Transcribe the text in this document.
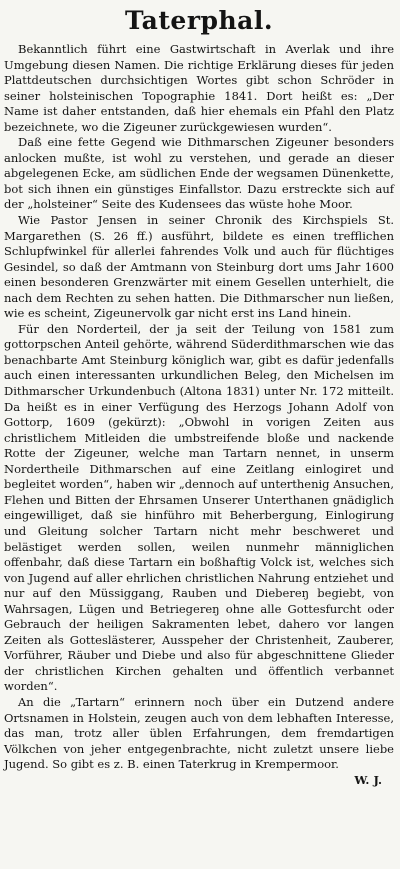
Taterphal.

Bekanntlich führt eine Gastwirtschaft in Averlak und ihre Umgebung diesen Namen. Die richtige Erklärung dieses für jeden Plattdeutschen durchsichtigen Wortes gibt schon Schröder in seiner holsteinischen Topographie 1841. Dort heißt es: „Der Name ist daher entstanden, daß hier ehemals ein Pfahl den Platz bezeichnete, wo die Zigeuner zurückgewiesen wurden“.

Daß eine fette Gegend wie Dithmarschen Zigeuner besonders anlocken mußte, ist wohl zu verstehen, und gerade an dieser abgelegenen Ecke, am südlichen Ende der wegsamen Dünenkette, bot sich ihnen ein günstiges Einfallstor. Dazu erstreckte sich auf der „holsteiner“ Seite des Kudensees das wüste hohe Moor.

Wie Pastor Jensen in seiner Chronik des Kirchspiels St. Margarethen (S. 26 ff.) ausführt, bildete es einen trefflichen Schlupfwinkel für allerlei fahrendes Volk und auch für flüchtiges Gesindel, so daß der Amtmann von Steinburg dort ums Jahr 1600 einen besonderen Grenzwärter mit einem Gesellen unterhielt, die nach dem Rechten zu sehen hatten. Die Dithmarscher nun ließen, wie es scheint, Zigeunervolk gar nicht erst ins Land hinein.

Für den Norderteil, der ja seit der Teilung von 1581 zum gottorpschen Anteil gehörte, während Süderdithmarschen wie das benachbarte Amt Steinburg königlich war, gibt es dafür jedenfalls auch einen interessanten urkundlichen Beleg, den Michelsen im Dithmarscher Urkundenbuch (Altona 1831) unter Nr. 172 mitteilt. Da heißt es in einer Verfügung des Herzogs Johann Adolf von Gottorp, 1609 (gekürzt): „Obwohl in vorigen Zeiten aus christlichem Mitleiden die umbstreifende bloße und nackende Rotte der Zigeuner, welche man Tartarn nennet, in unserm Nordertheile Dithmarschen auf eine Zeitlang einlogiret und begleitet worden“, haben wir „dennoch auf unterthenig Ansuchen, Flehen und Bitten der Ehrsamen Unserer Unterthanen gnädiglich eingewilliget, daß sie hinführo mit Beherbergung, Einlogirung und Gleitung solcher Tartarn nicht mehr beschweret und belästiget werden sollen, weilen nunmehr männiglichen offenbahr, daß diese Tartarn ein boßhaftig Volck ist, welches sich von Jugend auf aller ehrlichen christlichen Nahrung entziehet und nur auf den Müssiggang, Rauben und Diebereŋ begiebt, von Wahrsagen, Lügen und Betriegereŋ ohne alle Gottesfurcht oder Gebrauch der heiligen Sakramenten lebet, dahero vor langen Zeiten als Gotteslästerer, Ausspeher der Christenheit, Zauberer, Vorführer, Räuber und Diebe und also für abgeschnittene Glieder der christlichen Kirchen gehalten und öffentlich verbannet worden“.

An die „Tartarn“ erinnern noch über ein Dutzend andere Ortsnamen in Holstein, zeugen auch von dem lebhaften Interesse, das man, trotz aller üblen Erfahrungen, dem fremdartigen Völkchen von jeher entgegenbrachte, nicht zuletzt unsere liebe Jugend. So gibt es z. B. einen Taterkrug in Krempermoor.

W. J.
